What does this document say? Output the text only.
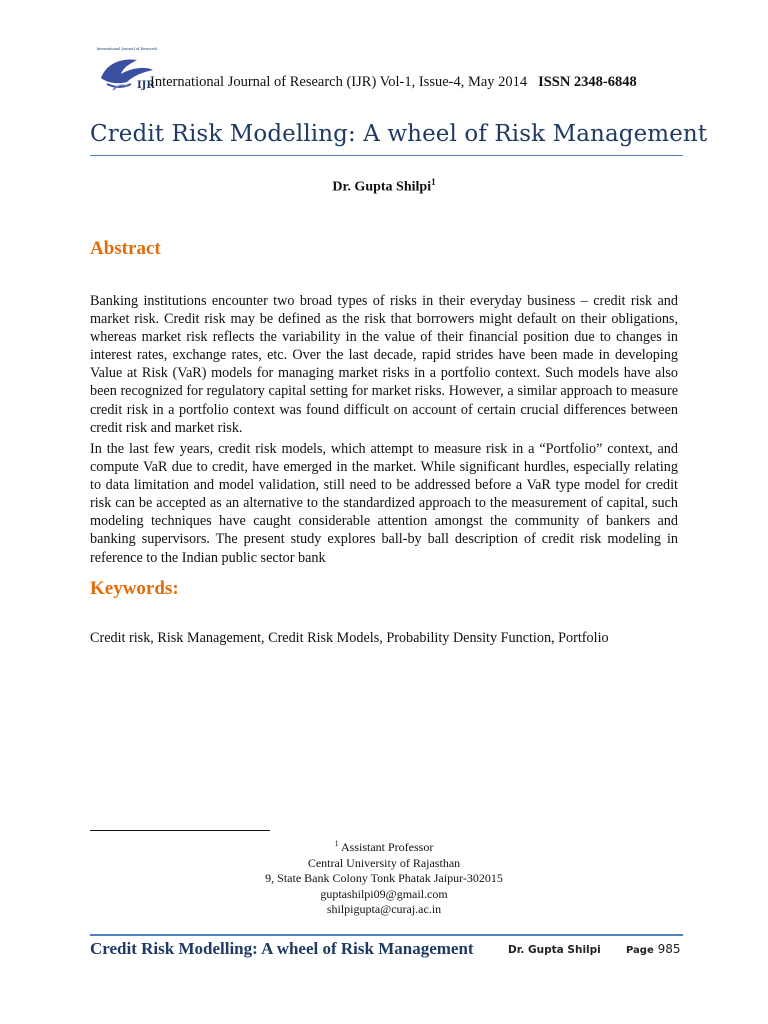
International Journal of Research
IJR
International Journal of Research (IJR) Vol-1, Issue-4, May 2014 ISSN 2348-6848
Credit Risk Modelling: A wheel of Risk Management
Dr. Gupta Shilpi$^1$
Abstract
Banking institutions encounter two broad types of risks in their everyday business – credit risk and market risk. Credit risk may be defined as the risk that borrowers might default on their obligations, whereas market risk reflects the variability in the value of their financial position due to changes in interest rates, exchange rates, etc. Over the last decade, rapid strides have been made in developing Value at Risk (VaR) models for managing market risks in a portfolio context. Such models have also been recognized for regulatory capital setting for market risks. However, a similar approach to measure credit risk in a portfolio context was found difficult on account of certain crucial differences between credit risk and market risk.
In the last few years, credit risk models, which attempt to measure risk in a “Portfolio” context, and compute VaR due to credit, have emerged in the market. While significant hurdles, especially relating to data limitation and model validation, still need to be addressed before a VaR type model for credit risk can be accepted as an alternative to the standardized approach to the measurement of capital, such modeling techniques have caught considerable attention amongst the community of bankers and banking supervisors. The present study explores ball-by ball description of credit risk modeling in reference to the Indian public sector bank
Keywords:
Credit risk, Risk Management, Credit Risk Models, Probability Density Function, Portfolio
$^1$ Assistant Professor
Central University of Rajasthan
9, State Bank Colony Tonk Phatak Jaipur-302015
guptashilpi09@gmail.com
shilpigupta@curaj.ac.in
Credit Risk Modelling: A wheel of Risk Management	Dr. Gupta Shilpi	Page 985
